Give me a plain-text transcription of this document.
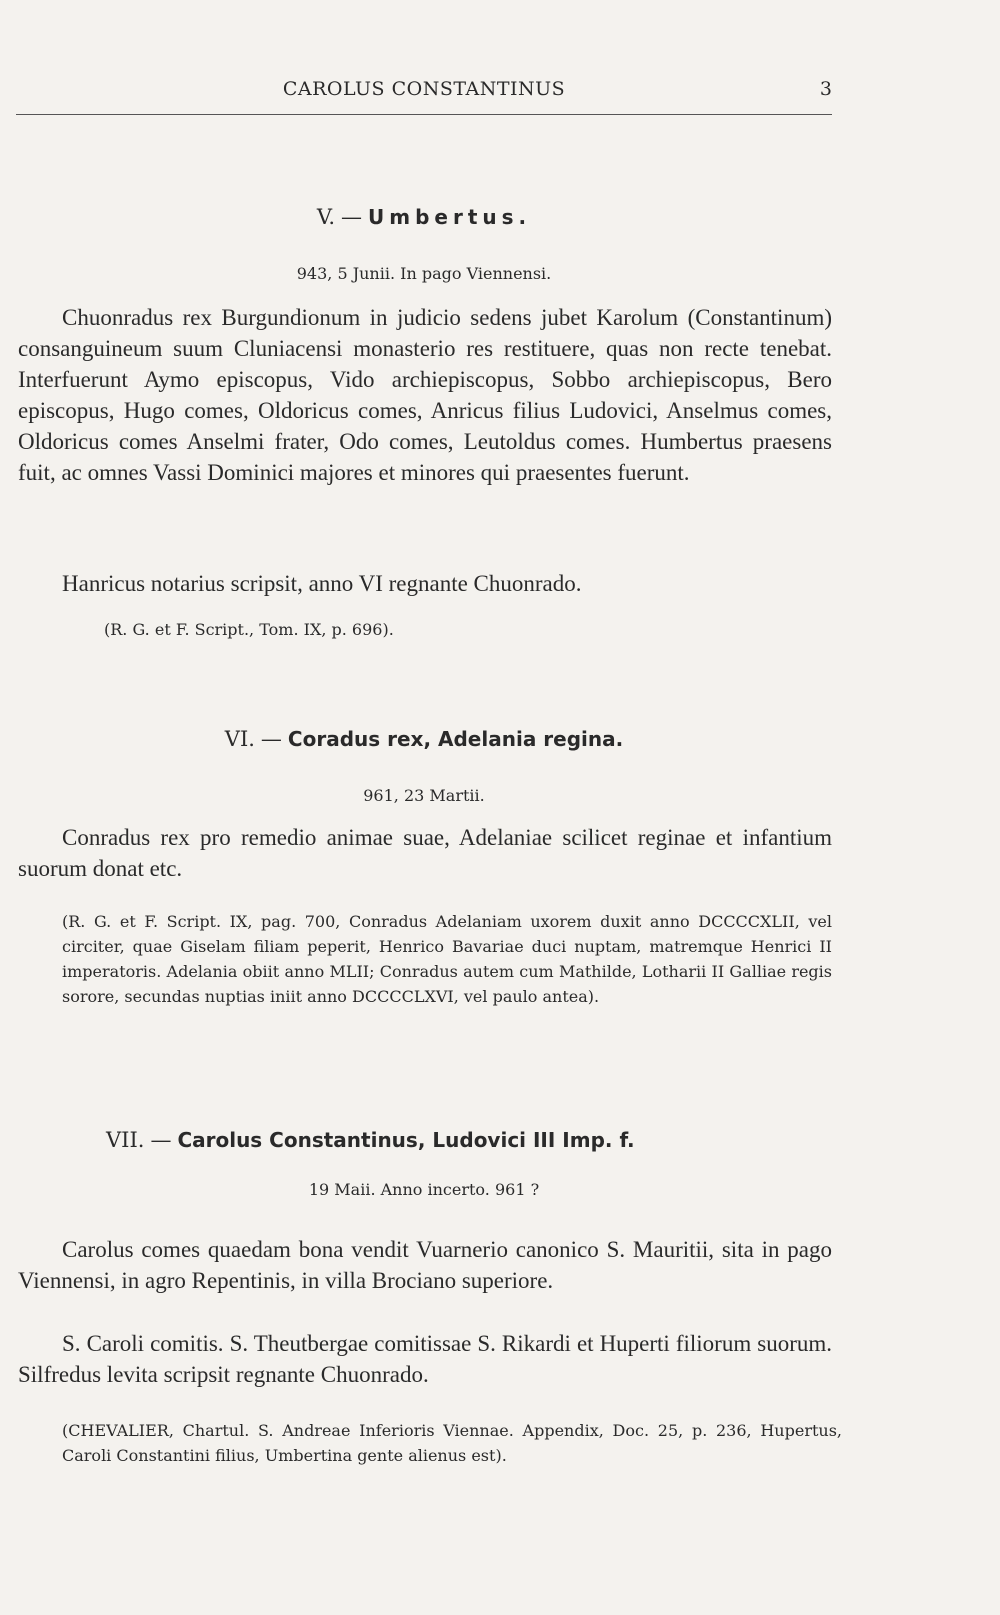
CAROLUS CONSTANTINUS	3
V. — Umbertus.
943, 5 Junii. In pago Viennensi.

Chuonradus rex Burgundionum in judicio sedens jubet Karolum (Constantinum) consanguineum suum Cluniacensi monasterio res restituere, quas non recte tenebat. Interfuerunt Aymo episcopus, Vido archiepiscopus, Sobbo archiepiscopus, Bero episcopus, Hugo comes, Oldoricus comes, Anricus filius Ludovici, Anselmus comes, Oldoricus comes Anselmi frater, Odo comes, Leutoldus comes. Humbertus praesens fuit, ac omnes Vassi Dominici majores et minores qui praesentes fuerunt.

Hanricus notarius scripsit, anno VI regnante Chuonrado.

(R. G. et F. Script., Tom. IX, p. 696).
VI. — Coradus rex, Adelania regina.
961, 23 Martii.

Conradus rex pro remedio animae suae, Adelaniae scilicet reginae et infantium suorum donat etc.

(R. G. et F. Script. IX, pag. 700, Conradus Adelaniam uxorem duxit anno DCCCCXLII, vel circiter, quae Giselam filiam peperit, Henrico Bavariae duci nuptam, matremque Henrici II imperatoris. Adelania obiit anno MLII; Conradus autem cum Mathilde, Lotharii II Galliae regis sorore, secundas nuptias iniit anno DCCCCLXVI, vel paulo antea).

VII. — Carolus Constantinus, Ludovici III Imp. f.
19 Maii. Anno incerto. 961 ?

Carolus comes quaedam bona vendit Vuarnerio canonico S. Mauritii, sita in pago Viennensi, in agro Repentinis, in villa Brociano superiore.

S. Caroli comitis. S. Theutbergae comitissae S. Rikardi et Huperti filiorum suorum. Silfredus levita scripsit regnante Chuonrado.

(CHEVALIER, Chartul. S. Andreae Inferioris Viennae. Appendix, Doc. 25, p. 236, Hupertus, Caroli Constantini filius, Umbertina gente alienus est).
